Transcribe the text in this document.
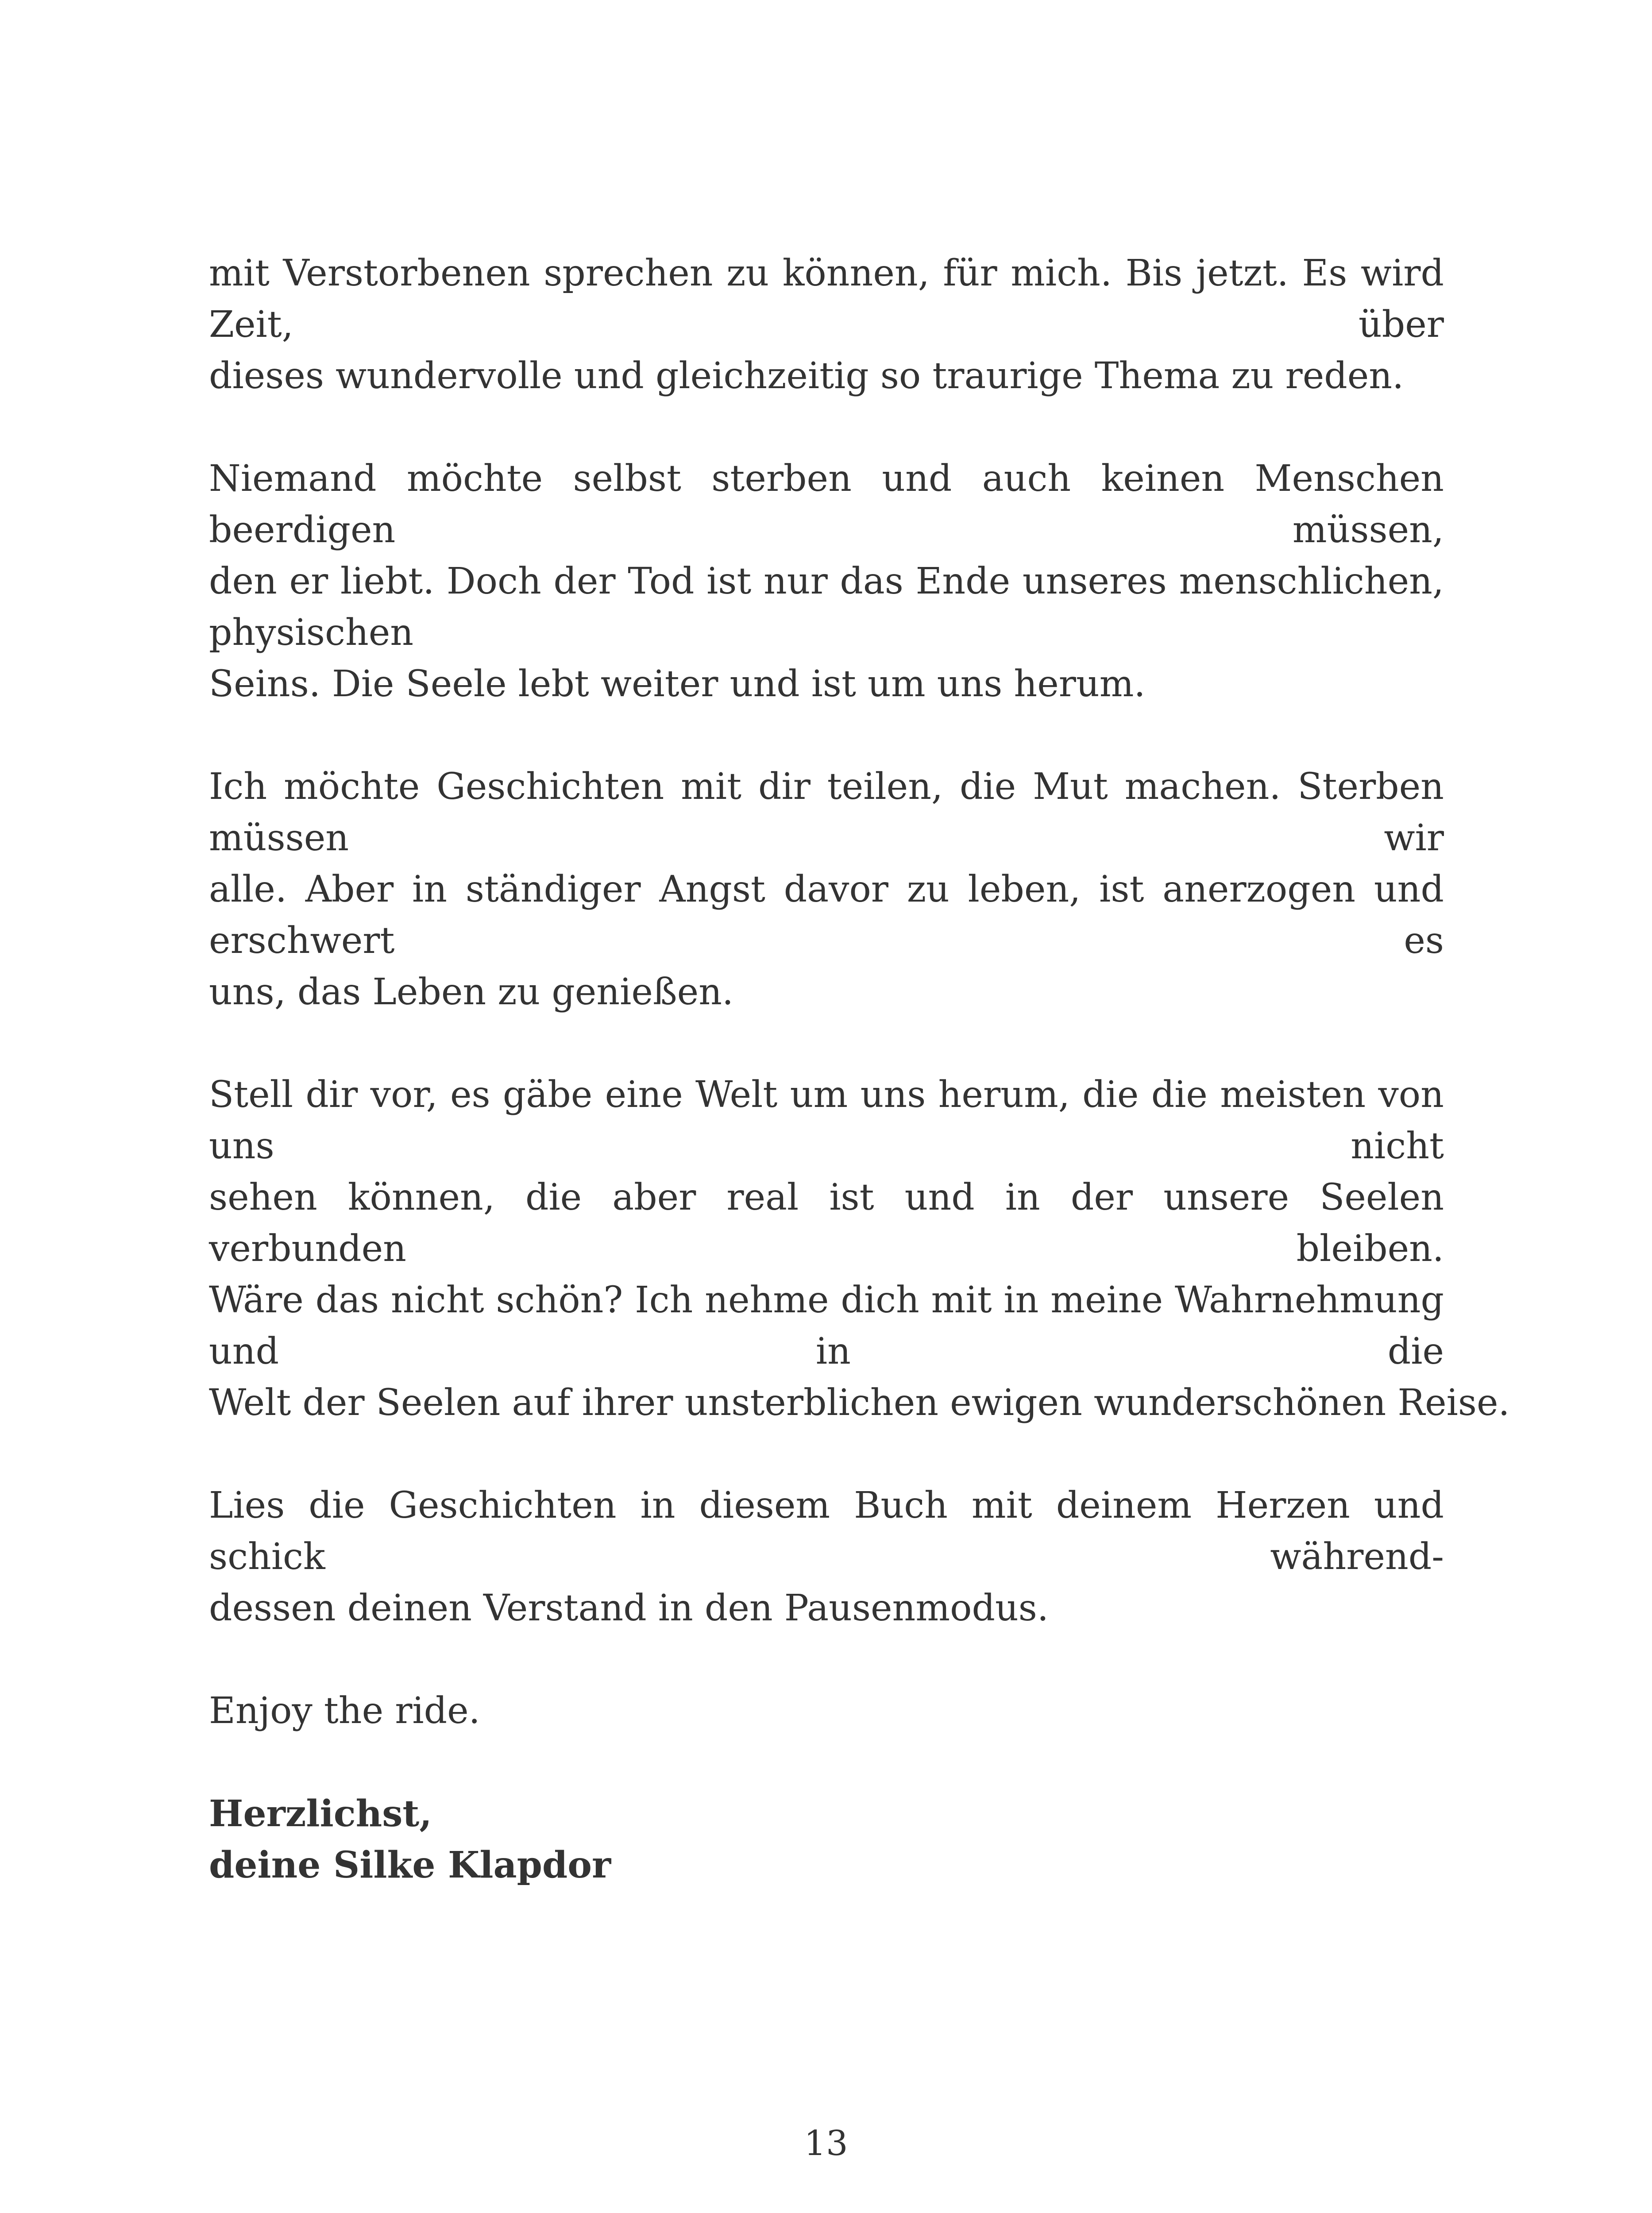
mit Verstorbenen sprechen zu können, für mich. Bis jetzt. Es wird Zeit, über
dieses wundervolle und gleichzeitig so traurige Thema zu reden.

Niemand möchte selbst sterben und auch keinen Menschen beerdigen müssen,
den er liebt. Doch der Tod ist nur das Ende unseres menschlichen, physischen
Seins. Die Seele lebt weiter und ist um uns herum.

Ich möchte Geschichten mit dir teilen, die Mut machen. Sterben müssen wir
alle. Aber in ständiger Angst davor zu leben, ist anerzogen und erschwert es
uns, das Leben zu genießen.

Stell dir vor, es gäbe eine Welt um uns herum, die die meisten von uns nicht
sehen können, die aber real ist und in der unsere Seelen verbunden bleiben.
Wäre das nicht schön? Ich nehme dich mit in meine Wahrnehmung und in die
Welt der Seelen auf ihrer unsterblichen ewigen wunderschönen Reise.

Lies die Geschichten in diesem Buch mit deinem Herzen und schick während-
dessen deinen Verstand in den Pausenmodus.

Enjoy the ride.

Herzlichst,
deine Silke Klapdor

13
